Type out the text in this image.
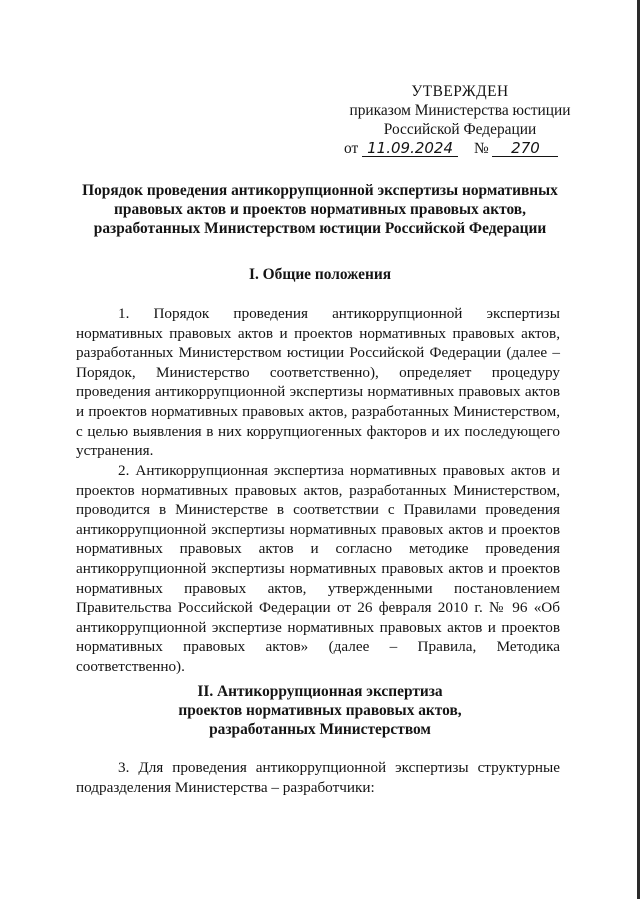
УТВЕРЖДЕН
приказом Министерства юстиции
Российской Федерации
от 11.09.2024 № 270
Порядок проведения антикоррупционной экспертизы нормативных правовых актов и проектов нормативных правовых актов, разработанных Министерством юстиции Российской Федерации
I. Общие положения
1. Порядок проведения антикоррупционной экспертизы нормативных правовых актов и проектов нормативных правовых актов, разработанных Министерством юстиции Российской Федерации (далее – Порядок, Министерство соответственно), определяет процедуру проведения антикоррупционной экспертизы нормативных правовых актов и проектов нормативных правовых актов, разработанных Министерством, с целью выявления в них коррупциогенных факторов и их последующего устранения.
2. Антикоррупционная экспертиза нормативных правовых актов и проектов нормативных правовых актов, разработанных Министерством, проводится в Министерстве в соответствии с Правилами проведения антикоррупционной экспертизы нормативных правовых актов и проектов нормативных правовых актов и согласно методике проведения антикоррупционной экспертизы нормативных правовых актов и проектов нормативных правовых актов, утвержденными постановлением Правительства Российской Федерации от 26 февраля 2010 г. № 96 «Об антикоррупционной экспертизе нормативных правовых актов и проектов нормативных правовых актов» (далее – Правила, Методика соответственно).
II. Антикоррупционная экспертиза
проектов нормативных правовых актов,
разработанных Министерством
3. Для проведения антикоррупционной экспертизы структурные подразделения Министерства – разработчики:
